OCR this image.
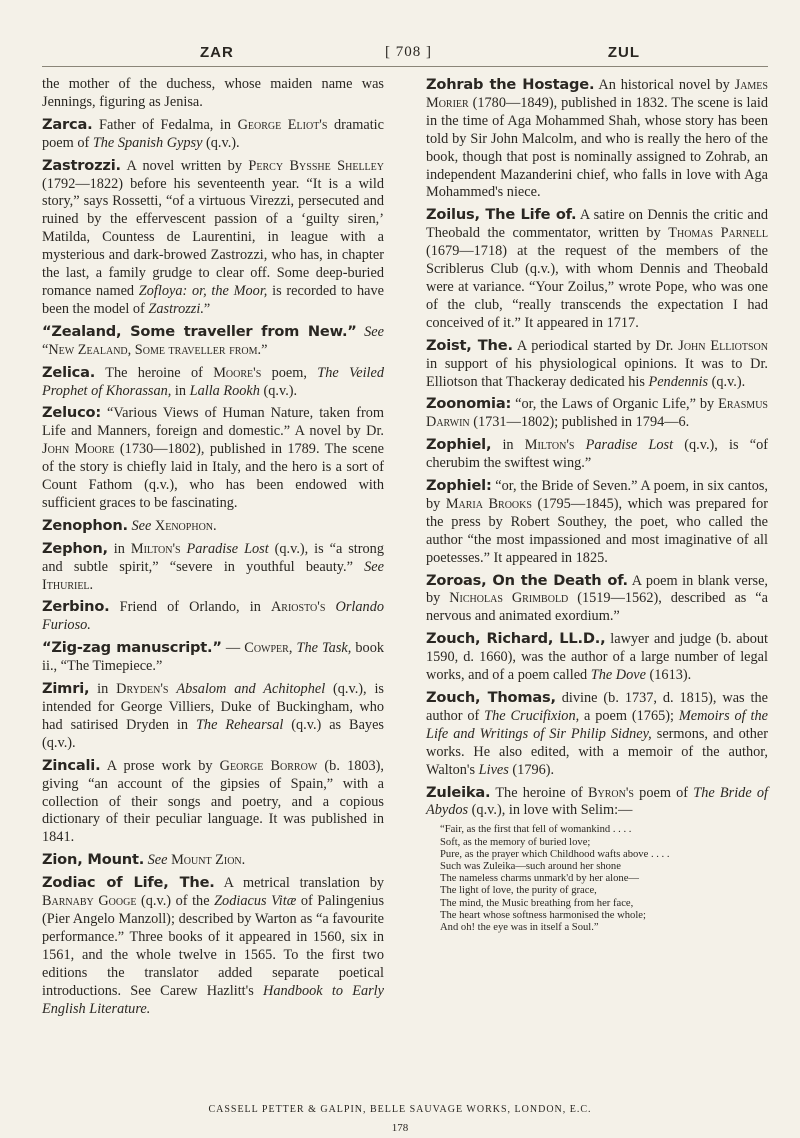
ZAR	[ 708 ]	ZUL

the mother of the duchess, whose maiden name was Jennings, figuring as Jenisa.

Zarca. Father of Fedalma, in George Eliot's dramatic poem of The Spanish Gypsy (q.v.).

Zastrozzi. A novel written by Percy Bysshe Shelley (1792—1822) before his seventeenth year. “It is a wild story,” says Rossetti, “of a virtuous Virezzi, persecuted and ruined by the effervescent passion of a ‘guilty siren,’ Matilda, Countess de Laurentini, in league with a mysterious and dark-browed Zastrozzi, who has, in chapter the last, a family grudge to clear off. Some deep-buried romance named Zofloya: or, the Moor, is recorded to have been the model of Zastrozzi.”

“Zealand, Some traveller from New.” See “New Zealand, Some traveller from.”

Zelica. The heroine of Moore's poem, The Veiled Prophet of Khorassan, in Lalla Rookh (q.v.).

Zeluco: “Various Views of Human Nature, taken from Life and Manners, foreign and domestic.” A novel by Dr. John Moore (1730—1802), published in 1789. The scene of the story is chiefly laid in Italy, and the hero is a sort of Count Fathom (q.v.), who has been endowed with sufficient graces to be fascinating.

Zenophon. See Xenophon.

Zephon, in Milton's Paradise Lost (q.v.), is “a strong and subtle spirit,” “severe in youthful beauty.” See Ithuriel.

Zerbino. Friend of Orlando, in Ariosto's Orlando Furioso.

“Zig-zag manuscript.” — Cowper, The Task, book ii., “The Timepiece.”

Zimri, in Dryden's Absalom and Achitophel (q.v.), is intended for George Villiers, Duke of Buckingham, who had satirised Dryden in The Rehearsal (q.v.) as Bayes (q.v.).

Zincali. A prose work by George Borrow (b. 1803), giving “an account of the gipsies of Spain,” with a collection of their songs and poetry, and a copious dictionary of their peculiar language. It was published in 1841.

Zion, Mount. See Mount Zion.

Zodiac of Life, The. A metrical translation by Barnaby Googe (q.v.) of the Zodiacus Vitæ of Palingenius (Pier Angelo Manzoll); described by Warton as “a favourite performance.” Three books of it appeared in 1560, six in 1561, and the whole twelve in 1565. To the first two editions the translator added separate poetical introductions. See Carew Hazlitt's Handbook to Early English Literature.

Zohrab the Hostage. An historical novel by James Morier (1780—1849), published in 1832. The scene is laid in the time of Aga Mohammed Shah, whose story has been told by Sir John Malcolm, and who is really the hero of the book, though that post is nominally assigned to Zohrab, an independent Mazanderini chief, who falls in love with Aga Mohammed's niece.

Zoilus, The Life of. A satire on Dennis the critic and Theobald the commentator, written by Thomas Parnell (1679—1718) at the request of the members of the Scriblerus Club (q.v.), with whom Dennis and Theobald were at variance. “Your Zoilus,” wrote Pope, who was one of the club, “really transcends the expectation I had conceived of it.” It appeared in 1717.

Zoist, The. A periodical started by Dr. John Elliotson in support of his physiological opinions. It was to Dr. Elliotson that Thackeray dedicated his Pendennis (q.v.).

Zoonomia: “or, the Laws of Organic Life,” by Erasmus Darwin (1731—1802); published in 1794—6.

Zophiel, in Milton's Paradise Lost (q.v.), is “of cherubim the swiftest wing.”

Zophiel: “or, the Bride of Seven.” A poem, in six cantos, by Maria Brooks (1795—1845), which was prepared for the press by Robert Southey, the poet, who called the author “the most impassioned and most imaginative of all poetesses.” It appeared in 1825.

Zoroas, On the Death of. A poem in blank verse, by Nicholas Grimbold (1519—1562), described as “a nervous and animated exordium.”

Zouch, Richard, LL.D., lawyer and judge (b. about 1590, d. 1660), was the author of a large number of legal works, and of a poem called The Dove (1613).

Zouch, Thomas, divine (b. 1737, d. 1815), was the author of The Crucifixion, a poem (1765); Memoirs of the Life and Writings of Sir Philip Sidney, sermons, and other works. He also edited, with a memoir of the author, Walton's Lives (1796).

Zuleika. The heroine of Byron's poem of The Bride of Abydos (q.v.), in love with Selim:—

“Fair, as the first that fell of womankind . . . .
Soft, as the memory of buried love;
Pure, as the prayer which Childhood wafts above . . . .
Such was Zuleika—such around her shone
The nameless charms unmark'd by her alone—
The light of love, the purity of grace,
The mind, the Music breathing from her face,
The heart whose softness harmonised the whole;
And oh! the eye was in itself a Soul.”
CASSELL PETTER & GALPIN, BELLE SAUVAGE WORKS, LONDON, E.C.
178
